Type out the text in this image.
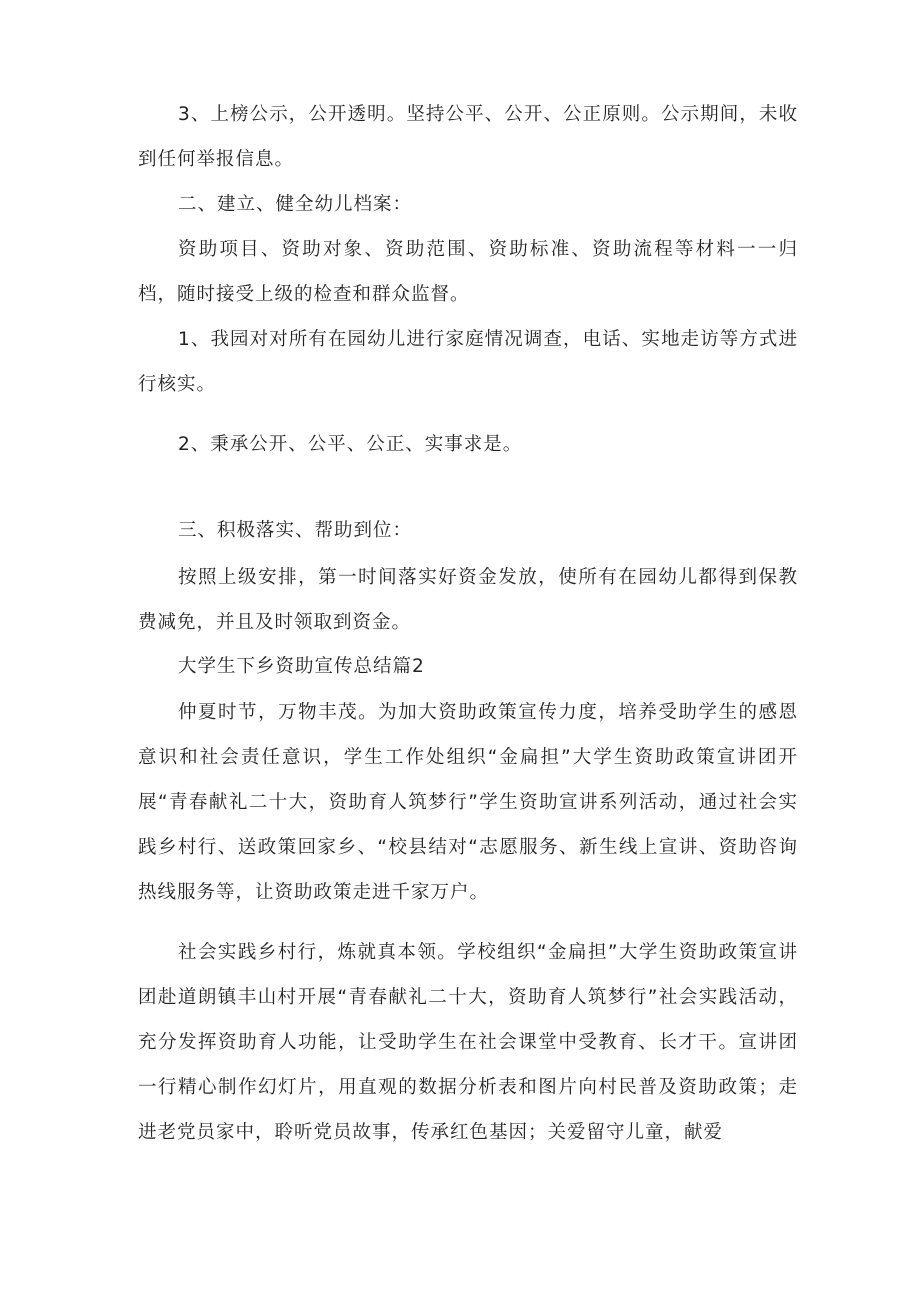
3、上榜公示，公开透明。坚持公平、公开、公正原则。公示期间，未收到任何举报信息。

二、建立、健全幼儿档案：

资助项目、资助对象、资助范围、资助标准、资助流程等材料一一归档，随时接受上级的检查和群众监督。

1、我园对对所有在园幼儿进行家庭情况调查，电话、实地走访等方式进行核实。

2、秉承公开、公平、公正、实事求是。

三、积极落实、帮助到位：

按照上级安排，第一时间落实好资金发放，使所有在园幼儿都得到保教费减免，并且及时领取到资金。

大学生下乡资助宣传总结篇2

仲夏时节，万物丰茂。为加大资助政策宣传力度，培养受助学生的感恩意识和社会责任意识，学生工作处组织“金扁担”大学生资助政策宣讲团开展“青春献礼二十大，资助育人筑梦行”学生资助宣讲系列活动，通过社会实践乡村行、送政策回家乡、“校县结对“志愿服务、新生线上宣讲、资助咨询热线服务等，让资助政策走进千家万户。

社会实践乡村行，炼就真本领。学校组织“金扁担”大学生资助政策宣讲团赴道朗镇丰山村开展“青春献礼二十大，资助育人筑梦行”社会实践活动，充分发挥资助育人功能，让受助学生在社会课堂中受教育、长才干。宣讲团一行精心制作幻灯片，用直观的数据分析表和图片向村民普及资助政策；走进老党员家中，聆听党员故事，传承红色基因；关爱留守儿童，献爱
